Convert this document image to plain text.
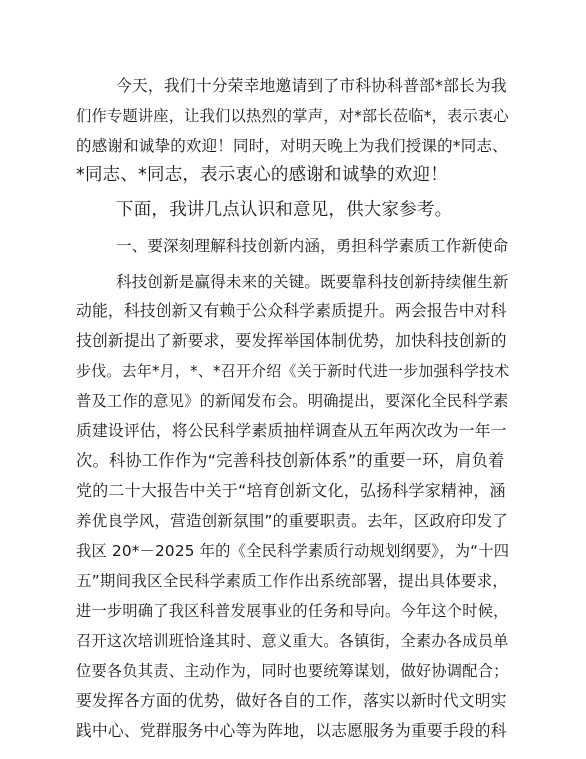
今天，我们十分荣幸地邀请到了市科协科普部*部长为我
们作专题讲座，让我们以热烈的掌声，对*部长莅临*，表示衷心
的感谢和诚挚的欢迎！同时，对明天晚上为我们授课的*同志、
*同志、*同志，表示衷心的感谢和诚挚的欢迎！
下面，我讲几点认识和意见，供大家参考。
一、要深刻理解科技创新内涵，勇担科学素质工作新使命
科技创新是赢得未来的关键。既要靠科技创新持续催生新
动能，科技创新又有赖于公众科学素质提升。两会报告中对科
技创新提出了新要求，要发挥举国体制优势，加快科技创新的
步伐。去年*月，*、*召开介绍《关于新时代进一步加强科学技术
普及工作的意见》的新闻发布会。明确提出，要深化全民科学素
质建设评估，将公民科学素质抽样调查从五年两次改为一年一
次。科协工作作为“完善科技创新体系”的重要一环，肩负着
党的二十大报告中关于“培育创新文化，弘扬科学家精神，涵
养优良学风，营造创新氛围”的重要职责。去年，区政府印发了
我区 20*－2025 年的《全民科学素质行动规划纲要》，为“十四
五”期间我区全民科学素质工作作出系统部署，提出具体要求，
进一步明确了我区科普发展事业的任务和导向。今年这个时候，
召开这次培训班恰逢其时、意义重大。各镇街，全素办各成员单
位要各负其责、主动作为，同时也要统筹谋划，做好协调配合；
要发挥各方面的优势，做好各自的工作，落实以新时代文明实
践中心、党群服务中心等为阵地，以志愿服务为重要手段的科
